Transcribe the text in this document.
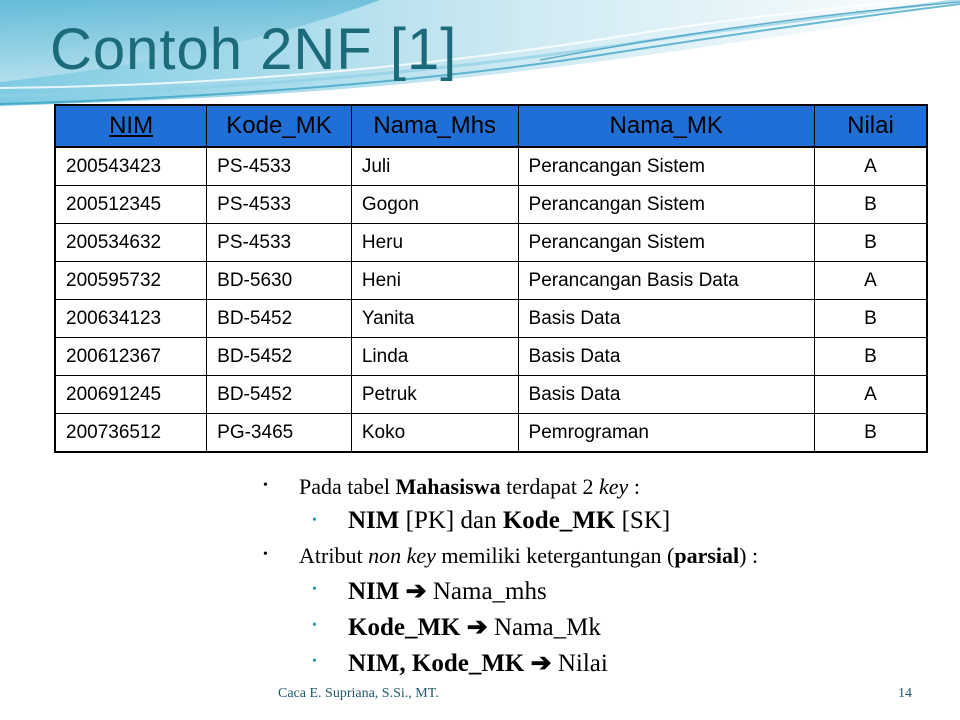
Contoh 2NF [1]
NIM	Kode_MK	Nama_Mhs	Nama_MK	Nilai
200543423	PS-4533	Juli	Perancangan Sistem	A
200512345	PS-4533	Gogon	Perancangan Sistem	B
200534632	PS-4533	Heru	Perancangan Sistem	B
200595732	BD-5630	Heni	Perancangan Basis Data	A
200634123	BD-5452	Yanita	Basis Data	B
200612367	BD-5452	Linda	Basis Data	B
200691245	BD-5452	Petruk	Basis Data	A
200736512	PG-3465	Koko	Pemrograman	B
• Pada tabel Mahasiswa terdapat 2 key :
• NIM [PK] dan Kode_MK [SK]
• Atribut non key memiliki ketergantungan (parsial) :
• NIM ➔ Nama_mhs
• Kode_MK ➔ Nama_Mk
• NIM, Kode_MK ➔ Nilai
Caca E. Supriana, S.Si., MT.	14
